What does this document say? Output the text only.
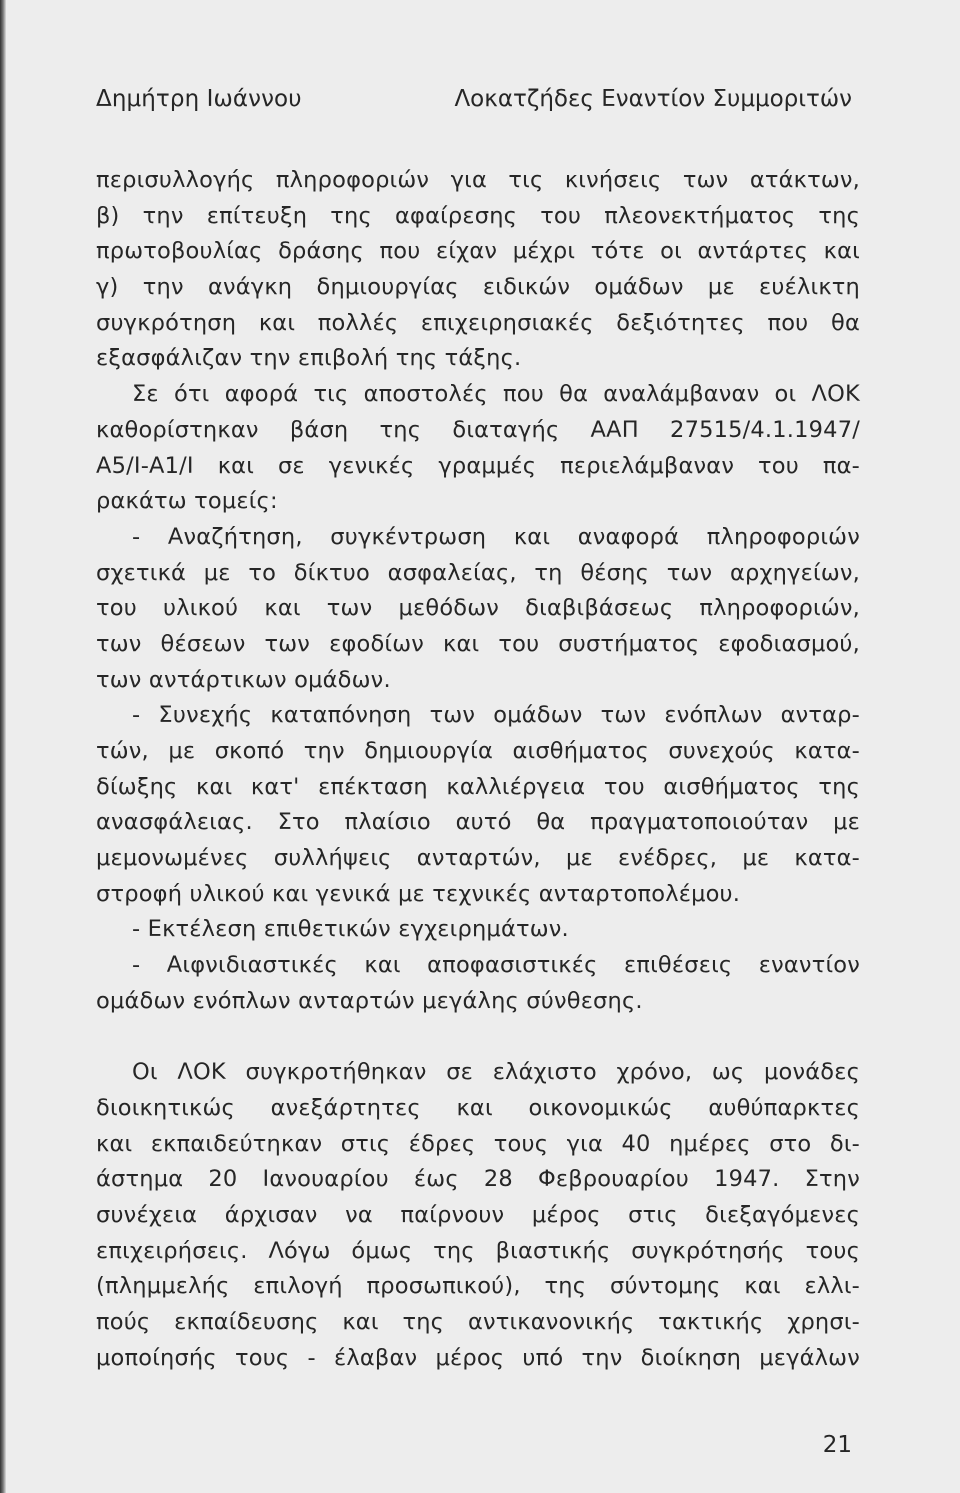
Δημήτρη Ιωάννου	Λοκατζήδες Εναντίον Συμμοριτών
περισυλλογής πληροφοριών για τις κινήσεις των ατάκτων,
β) την επίτευξη της αφαίρεσης του πλεονεκτήματος της
πρωτοβουλίας δράσης που είχαν μέχρι τότε οι αντάρτες και
γ) την ανάγκη δημιουργίας ειδικών ομάδων με ευέλικτη
συγκρότηση και πολλές επιχειρησιακές δεξιότητες που θα
εξασφάλιζαν την επιβολή της τάξης.
Σε ότι αφορά τις αποστολές που θα αναλάμβαναν οι ΛΟΚ
καθορίστηκαν βάση της διαταγής ΑΑΠ 27515/4.1.1947/
Α5/Ι-Α1/Ι και σε γενικές γραμμές περιελάμβαναν του πα-
ρακάτω τομείς:
- Αναζήτηση, συγκέντρωση και αναφορά πληροφοριών
σχετικά με το δίκτυο ασφαλείας, τη θέσης των αρχηγείων,
του υλικού και των μεθόδων διαβιβάσεως πληροφοριών,
των θέσεων των εφοδίων και του συστήματος εφοδιασμού,
των αντάρτικων ομάδων.
- Συνεχής καταπόνηση των ομάδων των ενόπλων ανταρ-
τών, με σκοπό την δημιουργία αισθήματος συνεχούς κατα-
δίωξης και κατ' επέκταση καλλιέργεια του αισθήματος της
ανασφάλειας. Στο πλαίσιο αυτό θα πραγματοποιούταν με
μεμονωμένες συλλήψεις ανταρτών, με ενέδρες, με κατα-
στροφή υλικού και γενικά με τεχνικές ανταρτοπολέμου.
- Εκτέλεση επιθετικών εγχειρημάτων.
- Αιφνιδιαστικές και αποφασιστικές επιθέσεις εναντίον
ομάδων ενόπλων ανταρτών μεγάλης σύνθεσης.
Οι ΛΟΚ συγκροτήθηκαν σε ελάχιστο χρόνο, ως μονάδες
διοικητικώς ανεξάρτητες και οικονομικώς αυθύπαρκτες
και εκπαιδεύτηκαν στις έδρες τους για 40 ημέρες στο δι-
άστημα 20 Ιανουαρίου έως 28 Φεβρουαρίου 1947. Στην
συνέχεια άρχισαν να παίρνουν μέρος στις διεξαγόμενες
επιχειρήσεις. Λόγω όμως της βιαστικής συγκρότησής τους
(πλημμελής επιλογή προσωπικού), της σύντομης και ελλι-
πούς εκπαίδευσης και της αντικανονικής τακτικής χρησι-
μοποίησής τους - έλαβαν μέρος υπό την διοίκηση μεγάλων
21
